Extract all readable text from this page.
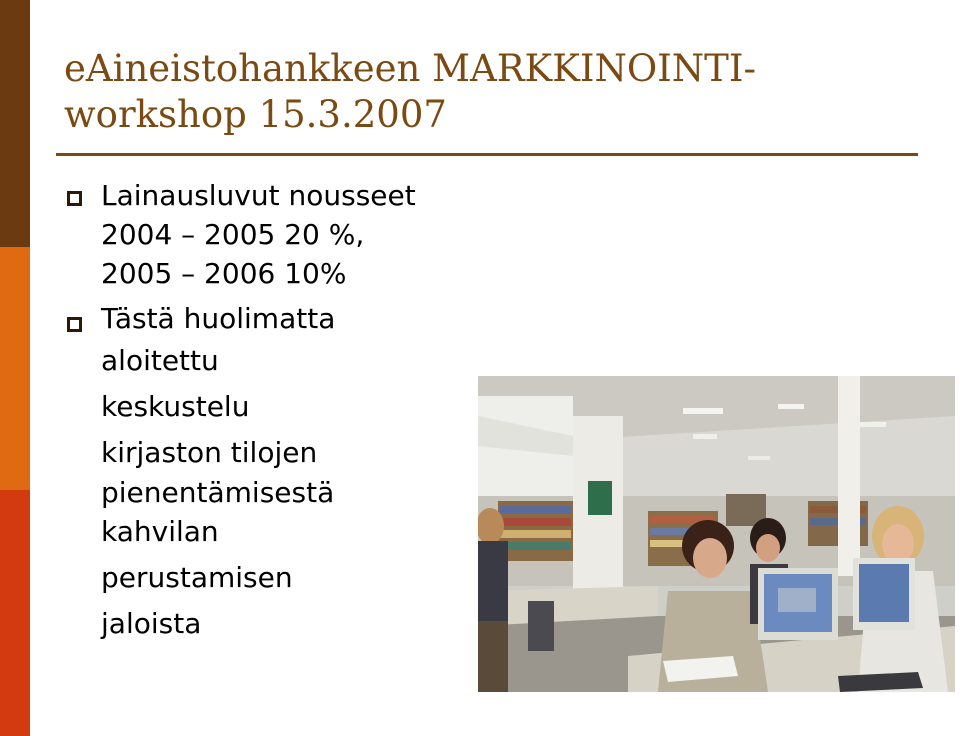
eAineistohankkeen MARKKINOINTI- workshop 15.3.2007
Lainausluvut nousseet
2004 – 2005 20 %,
2005 – 2006 10%
Tästä huolimatta
aloitettu
keskustelu
kirjaston tilojen
pienentämisestä
kahvilan
perustamisen
jaloista
